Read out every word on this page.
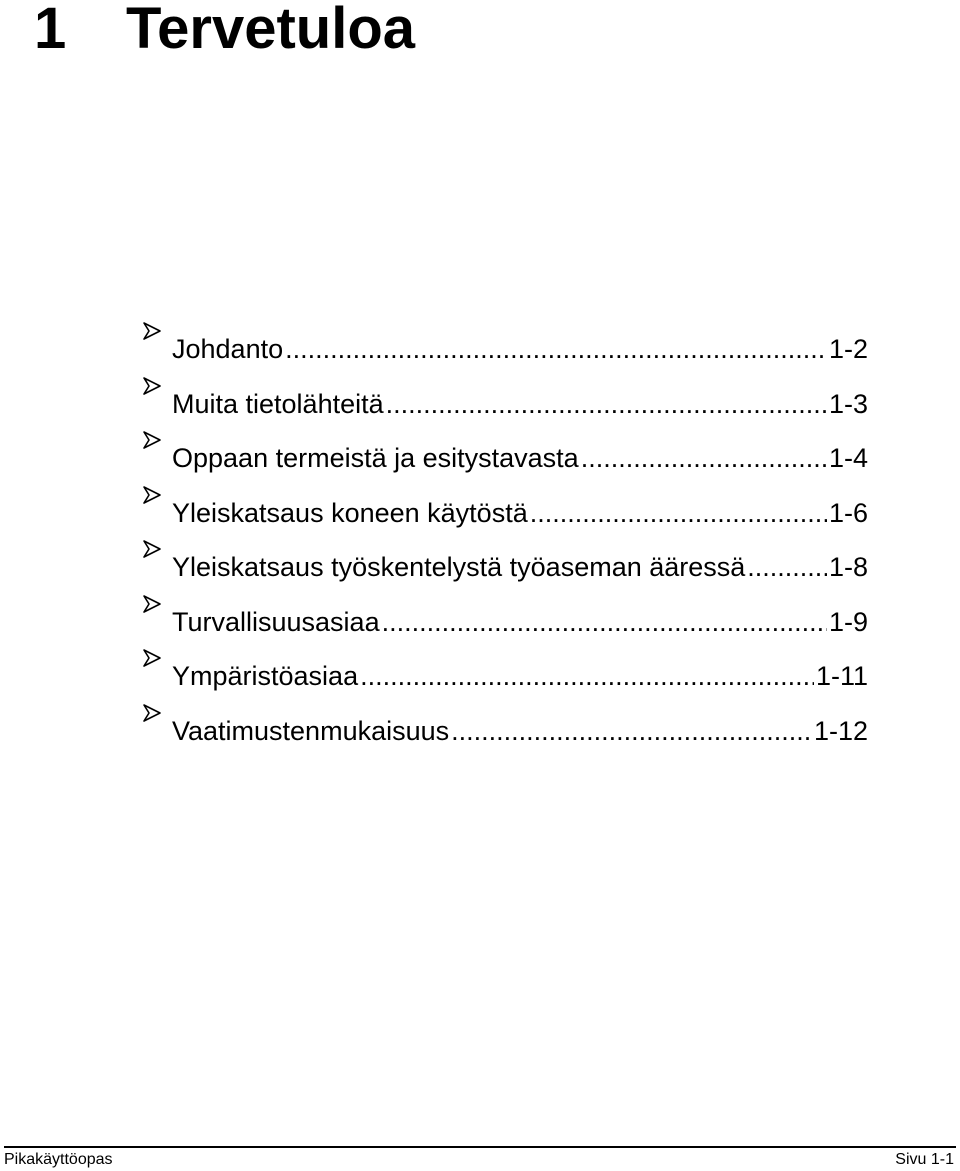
1 Tervetuloa
Johdanto .....	1-2
Muita tietolähteitä .....	1-3
Oppaan termeistä ja esitystavasta .....	1-4
Yleiskatsaus koneen käytöstä .....	1-6
Yleiskatsaus työskentelystä työaseman ääressä .....	1-8
Turvallisuusasiaa .....	1-9
Ympäristöasiaa .....	1-11
Vaatimustenmukaisuus .....	1-12
Pikakäyttöopas	Sivu 1-1
